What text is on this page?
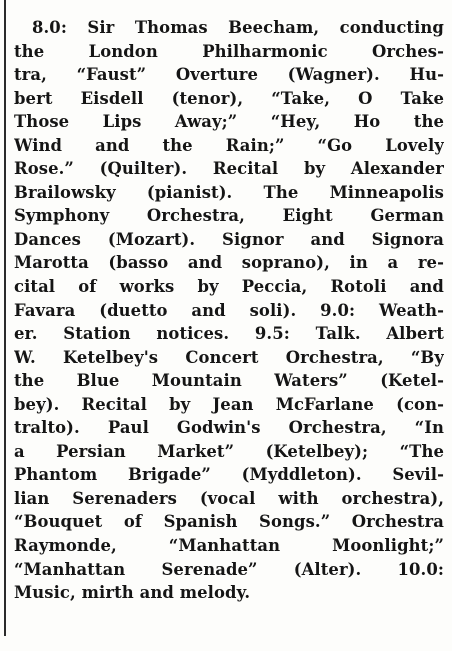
8.0: Sir Thomas Beecham, conducting
the London Philharmonic Orches-
tra, “Faust” Overture (Wagner). Hu-
bert Eisdell (tenor), “Take, O Take
Those Lips Away;” “Hey, Ho the
Wind and the Rain;” “Go Lovely
Rose.” (Quilter). Recital by Alexander
Brailowsky (pianist). The Minneapolis
Symphony Orchestra, Eight German
Dances (Mozart). Signor and Signora
Marotta (basso and soprano), in a re-
cital of works by Peccia, Rotoli and
Favara (duetto and soli). 9.0: Weath-
er. Station notices. 9.5: Talk. Albert
W. Ketelbey's Concert Orchestra, “By
the Blue Mountain Waters” (Ketel-
bey). Recital by Jean McFarlane (con-
tralto). Paul Godwin's Orchestra, “In
a Persian Market” (Ketelbey); “The
Phantom Brigade” (Myddleton). Sevil-
lian Serenaders (vocal with orchestra),
“Bouquet of Spanish Songs.” Orchestra
Raymonde, “Manhattan Moonlight;”
“Manhattan Serenade” (Alter). 10.0:
Music, mirth and melody.
